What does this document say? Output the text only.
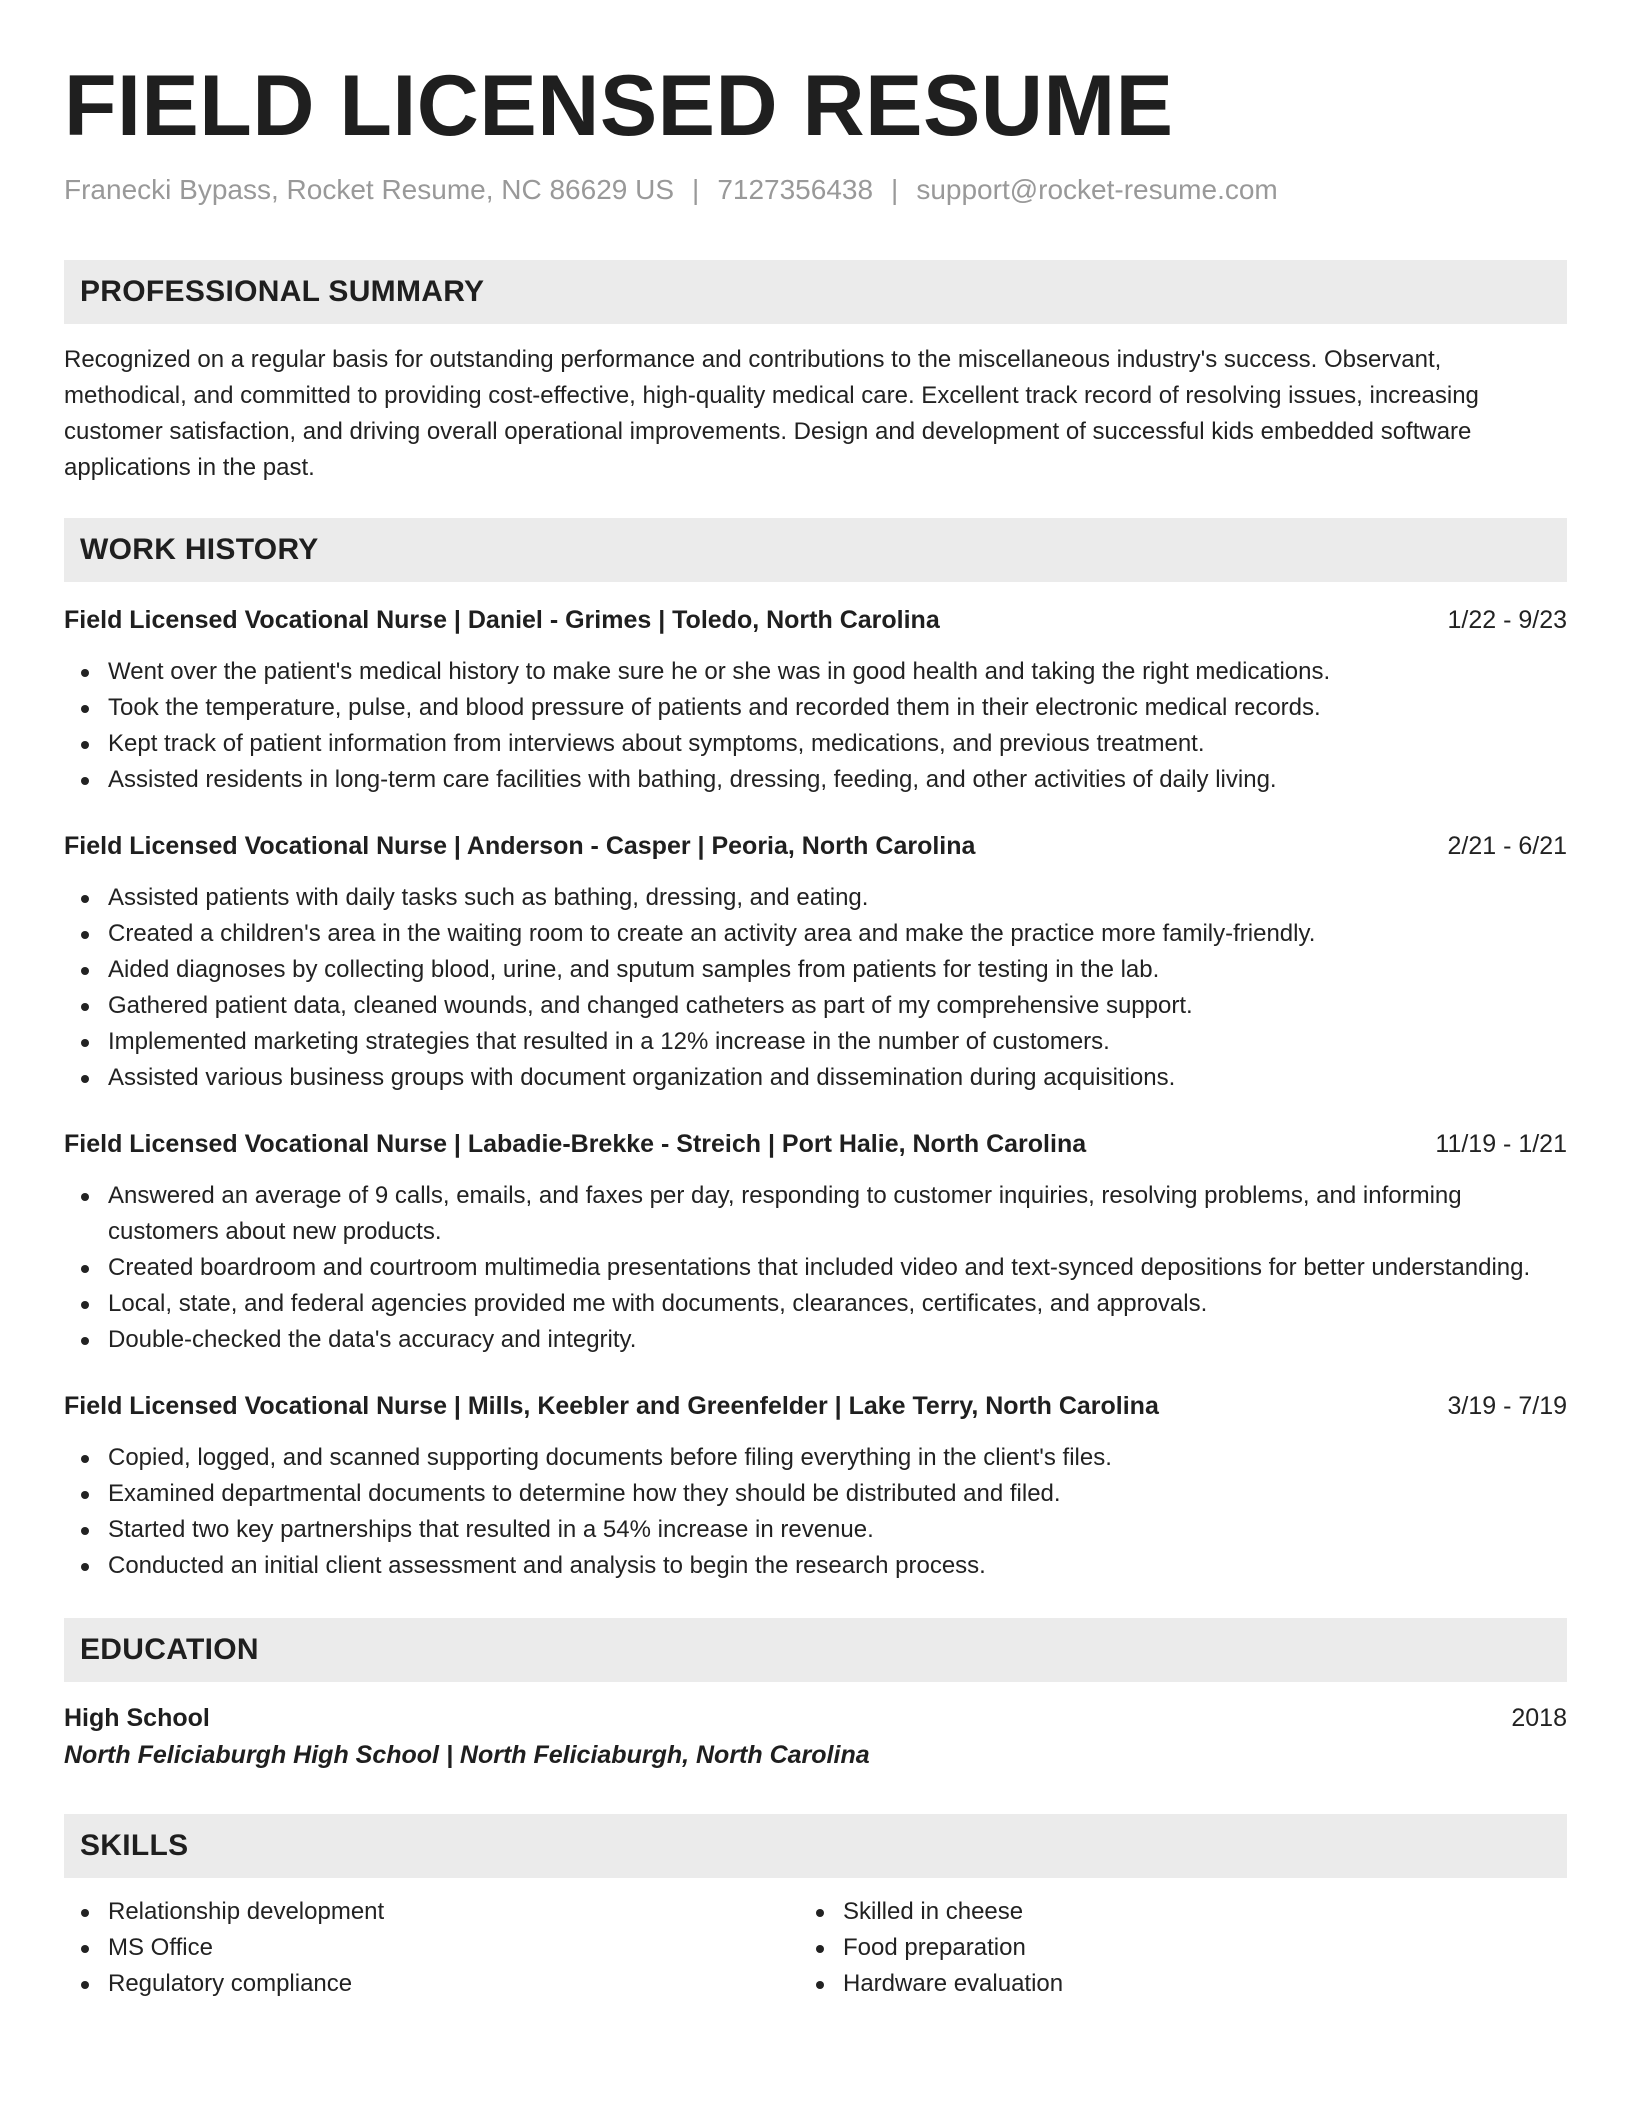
FIELD LICENSED RESUME
Franecki Bypass, Rocket Resume, NC 86629 US | 7127356438 | support@rocket-resume.com
PROFESSIONAL SUMMARY

Recognized on a regular basis for outstanding performance and contributions to the miscellaneous industry's success. Observant, methodical, and committed to providing cost-effective, high-quality medical care. Excellent track record of resolving issues, increasing customer satisfaction, and driving overall operational improvements. Design and development of successful kids embedded software applications in the past.

WORK HISTORY
Field Licensed Vocational Nurse | Daniel - Grimes | Toledo, North Carolina	1/22 - 9/23
Went over the patient's medical history to make sure he or she was in good health and taking the right medications.
Took the temperature, pulse, and blood pressure of patients and recorded them in their electronic medical records.
Kept track of patient information from interviews about symptoms, medications, and previous treatment.
Assisted residents in long-term care facilities with bathing, dressing, feeding, and other activities of daily living.
Field Licensed Vocational Nurse | Anderson - Casper | Peoria, North Carolina	2/21 - 6/21
Assisted patients with daily tasks such as bathing, dressing, and eating.
Created a children's area in the waiting room to create an activity area and make the practice more family-friendly.
Aided diagnoses by collecting blood, urine, and sputum samples from patients for testing in the lab.
Gathered patient data, cleaned wounds, and changed catheters as part of my comprehensive support.
Implemented marketing strategies that resulted in a 12% increase in the number of customers.
Assisted various business groups with document organization and dissemination during acquisitions.
Field Licensed Vocational Nurse | Labadie-Brekke - Streich | Port Halie, North Carolina	11/19 - 1/21
Answered an average of 9 calls, emails, and faxes per day, responding to customer inquiries, resolving problems, and informing customers about new products.
Created boardroom and courtroom multimedia presentations that included video and text-synced depositions for better understanding.
Local, state, and federal agencies provided me with documents, clearances, certificates, and approvals.
Double-checked the data's accuracy and integrity.
Field Licensed Vocational Nurse | Mills, Keebler and Greenfelder | Lake Terry, North Carolina	3/19 - 7/19
Copied, logged, and scanned supporting documents before filing everything in the client's files.
Examined departmental documents to determine how they should be distributed and filed.
Started two key partnerships that resulted in a 54% increase in revenue.
Conducted an initial client assessment and analysis to begin the research process.
EDUCATION
High School	2018
North Feliciaburgh High School | North Feliciaburgh, North Carolina
SKILLS
Relationship development
MS Office
Regulatory compliance
Skilled in cheese
Food preparation
Hardware evaluation
